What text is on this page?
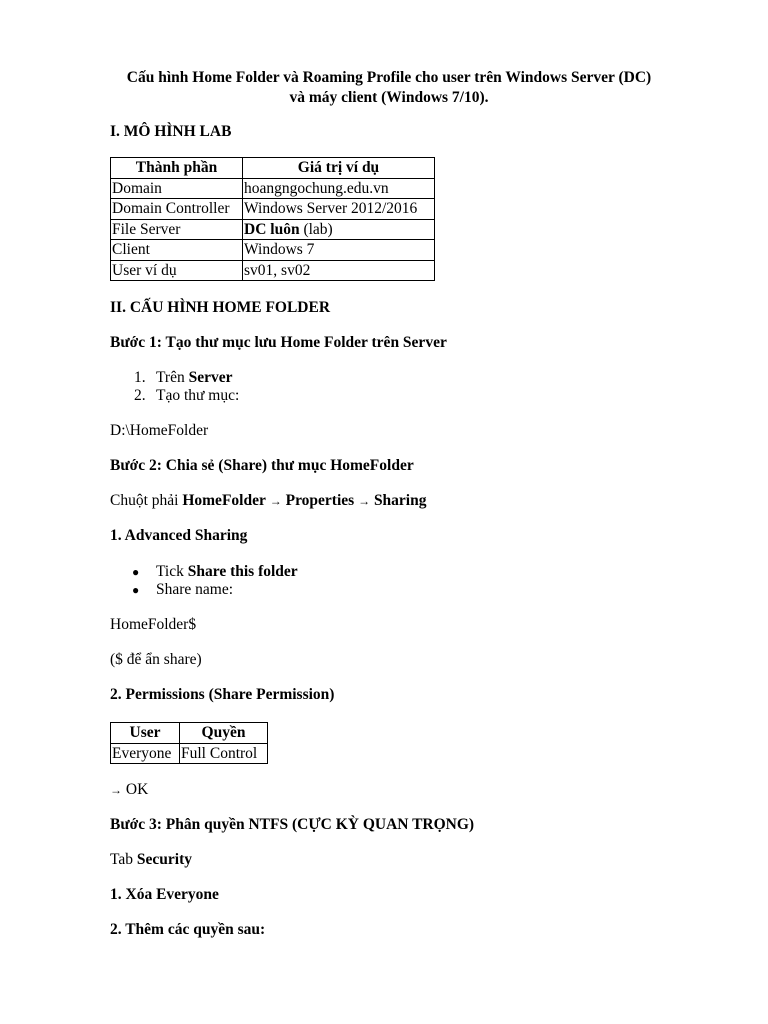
Cấu hình Home Folder và Roaming Profile cho user trên Windows Server (DC)
và máy client (Windows 7/10).
I. MÔ HÌNH LAB
Thành phần	Giá trị ví dụ
Domain	hoangngochung.edu.vn
Domain Controller	Windows Server 2012/2016
File Server	DC luôn (lab)
Client	Windows 7
User ví dụ	sv01, sv02
II. CẤU HÌNH HOME FOLDER
Bước 1: Tạo thư mục lưu Home Folder trên Server
1. Trên Server
2. Tạo thư mục:
D:\HomeFolder
Bước 2: Chia sẻ (Share) thư mục HomeFolder
Chuột phải HomeFolder → Properties → Sharing
1. Advanced Sharing
● Tick Share this folder
● Share name:
HomeFolder$
($ để ẩn share)
2. Permissions (Share Permission)
User	Quyền
Everyone	Full Control
→ OK
Bước 3: Phân quyền NTFS (CỰC KỲ QUAN TRỌNG)
Tab Security
1. Xóa Everyone
2. Thêm các quyền sau:
